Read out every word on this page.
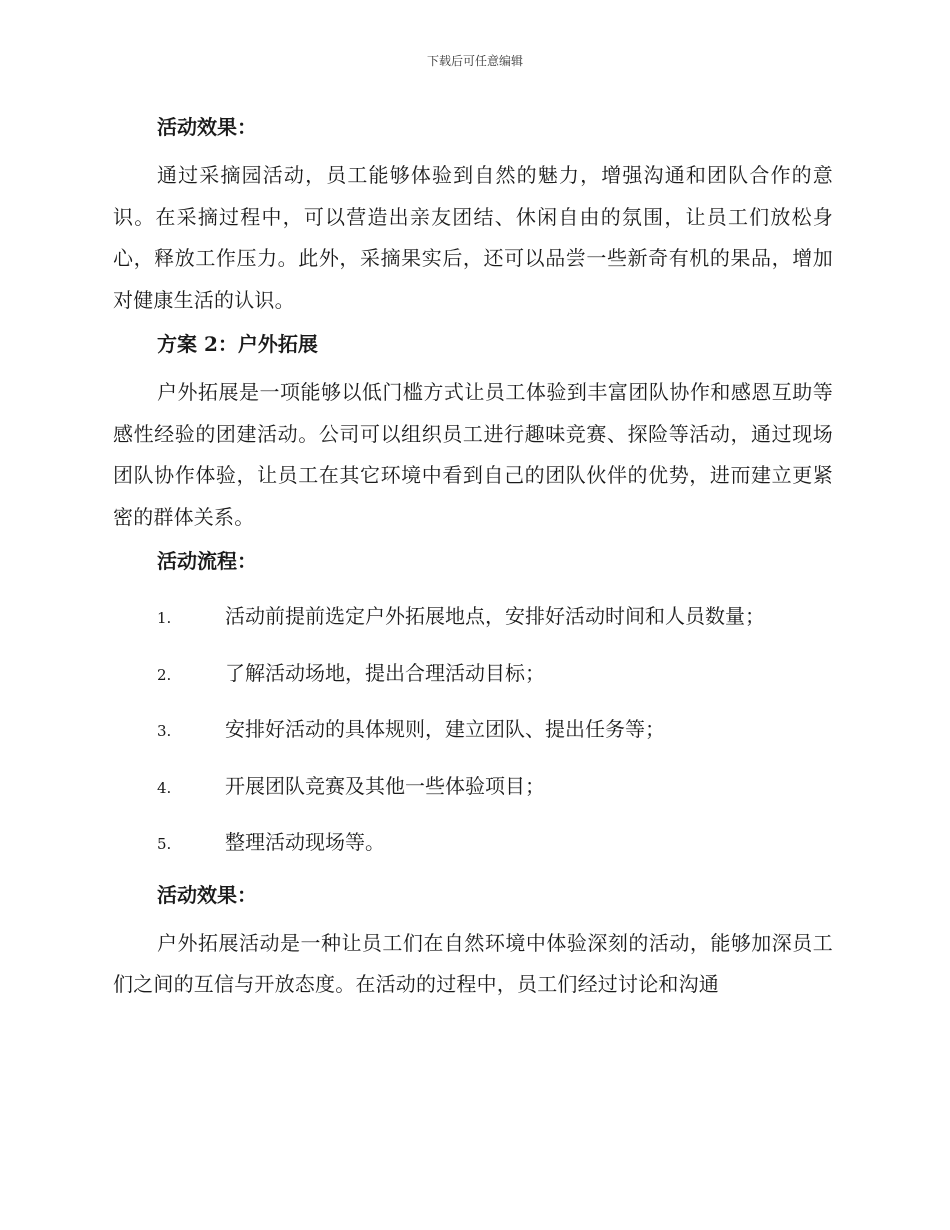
下载后可任意编辑
活动效果：

通过采摘园活动，员工能够体验到自然的魅力，增强沟通和团队合作的意识。在采摘过程中，可以营造出亲友团结、休闲自由的氛围，让员工们放松身心，释放工作压力。此外，采摘果实后，还可以品尝一些新奇有机的果品，增加对健康生活的认识。

方案 2：户外拓展

户外拓展是一项能够以低门槛方式让员工体验到丰富团队协作和感恩互助等感性经验的团建活动。公司可以组织员工进行趣味竞赛、探险等活动，通过现场团队协作体验，让员工在其它环境中看到自己的团队伙伴的优势，进而建立更紧密的群体关系。

活动流程：
1.	活动前提前选定户外拓展地点，安排好活动时间和人员数量；
2.	了解活动场地，提出合理活动目标；
3.	安排好活动的具体规则，建立团队、提出任务等；
4.	开展团队竞赛及其他一些体验项目；
5.	整理活动现场等。
活动效果：

户外拓展活动是一种让员工们在自然环境中体验深刻的活动，能够加深员工们之间的互信与开放态度。在活动的过程中，员工们经过讨论和沟通
